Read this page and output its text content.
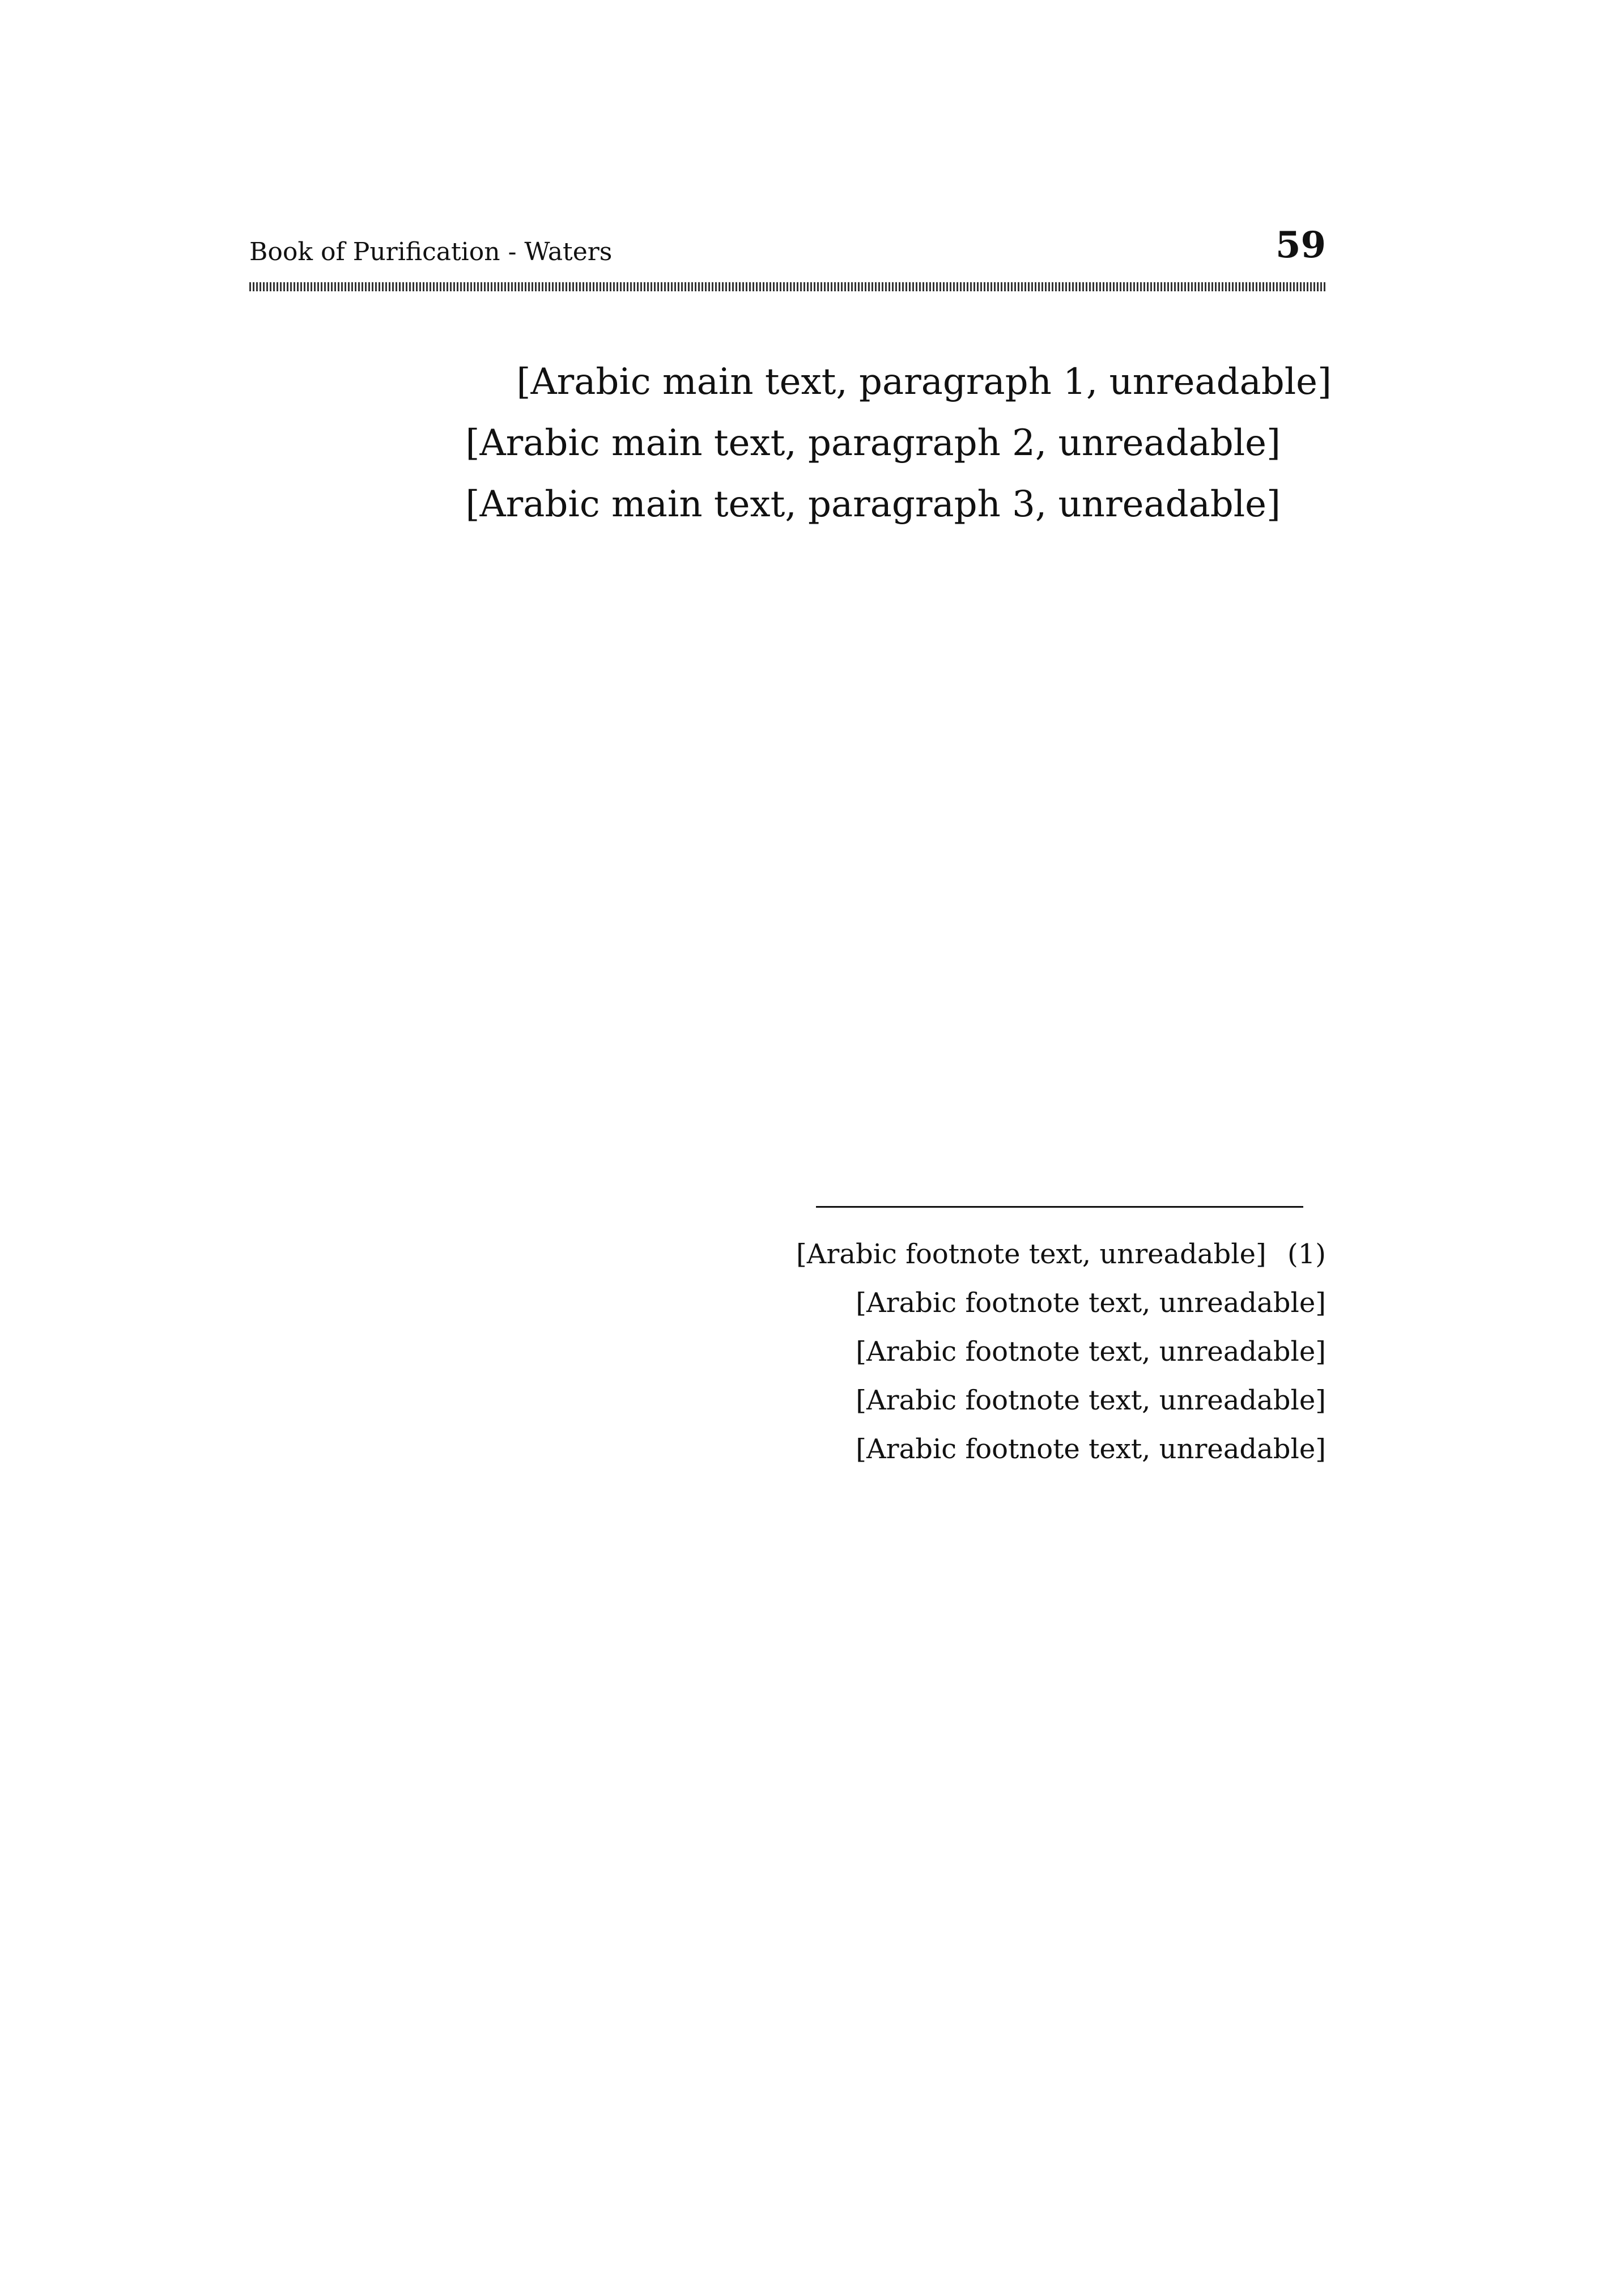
59
Book of Purification - Waters

[Arabic main text, paragraph 1, unreadable]

[Arabic main text, paragraph 2, unreadable]

[Arabic main text, paragraph 3, unreadable]

(1) [Arabic footnote text, unreadable]

[Arabic footnote text, unreadable]

[Arabic footnote text, unreadable]

[Arabic footnote text, unreadable]

[Arabic footnote text, unreadable]
